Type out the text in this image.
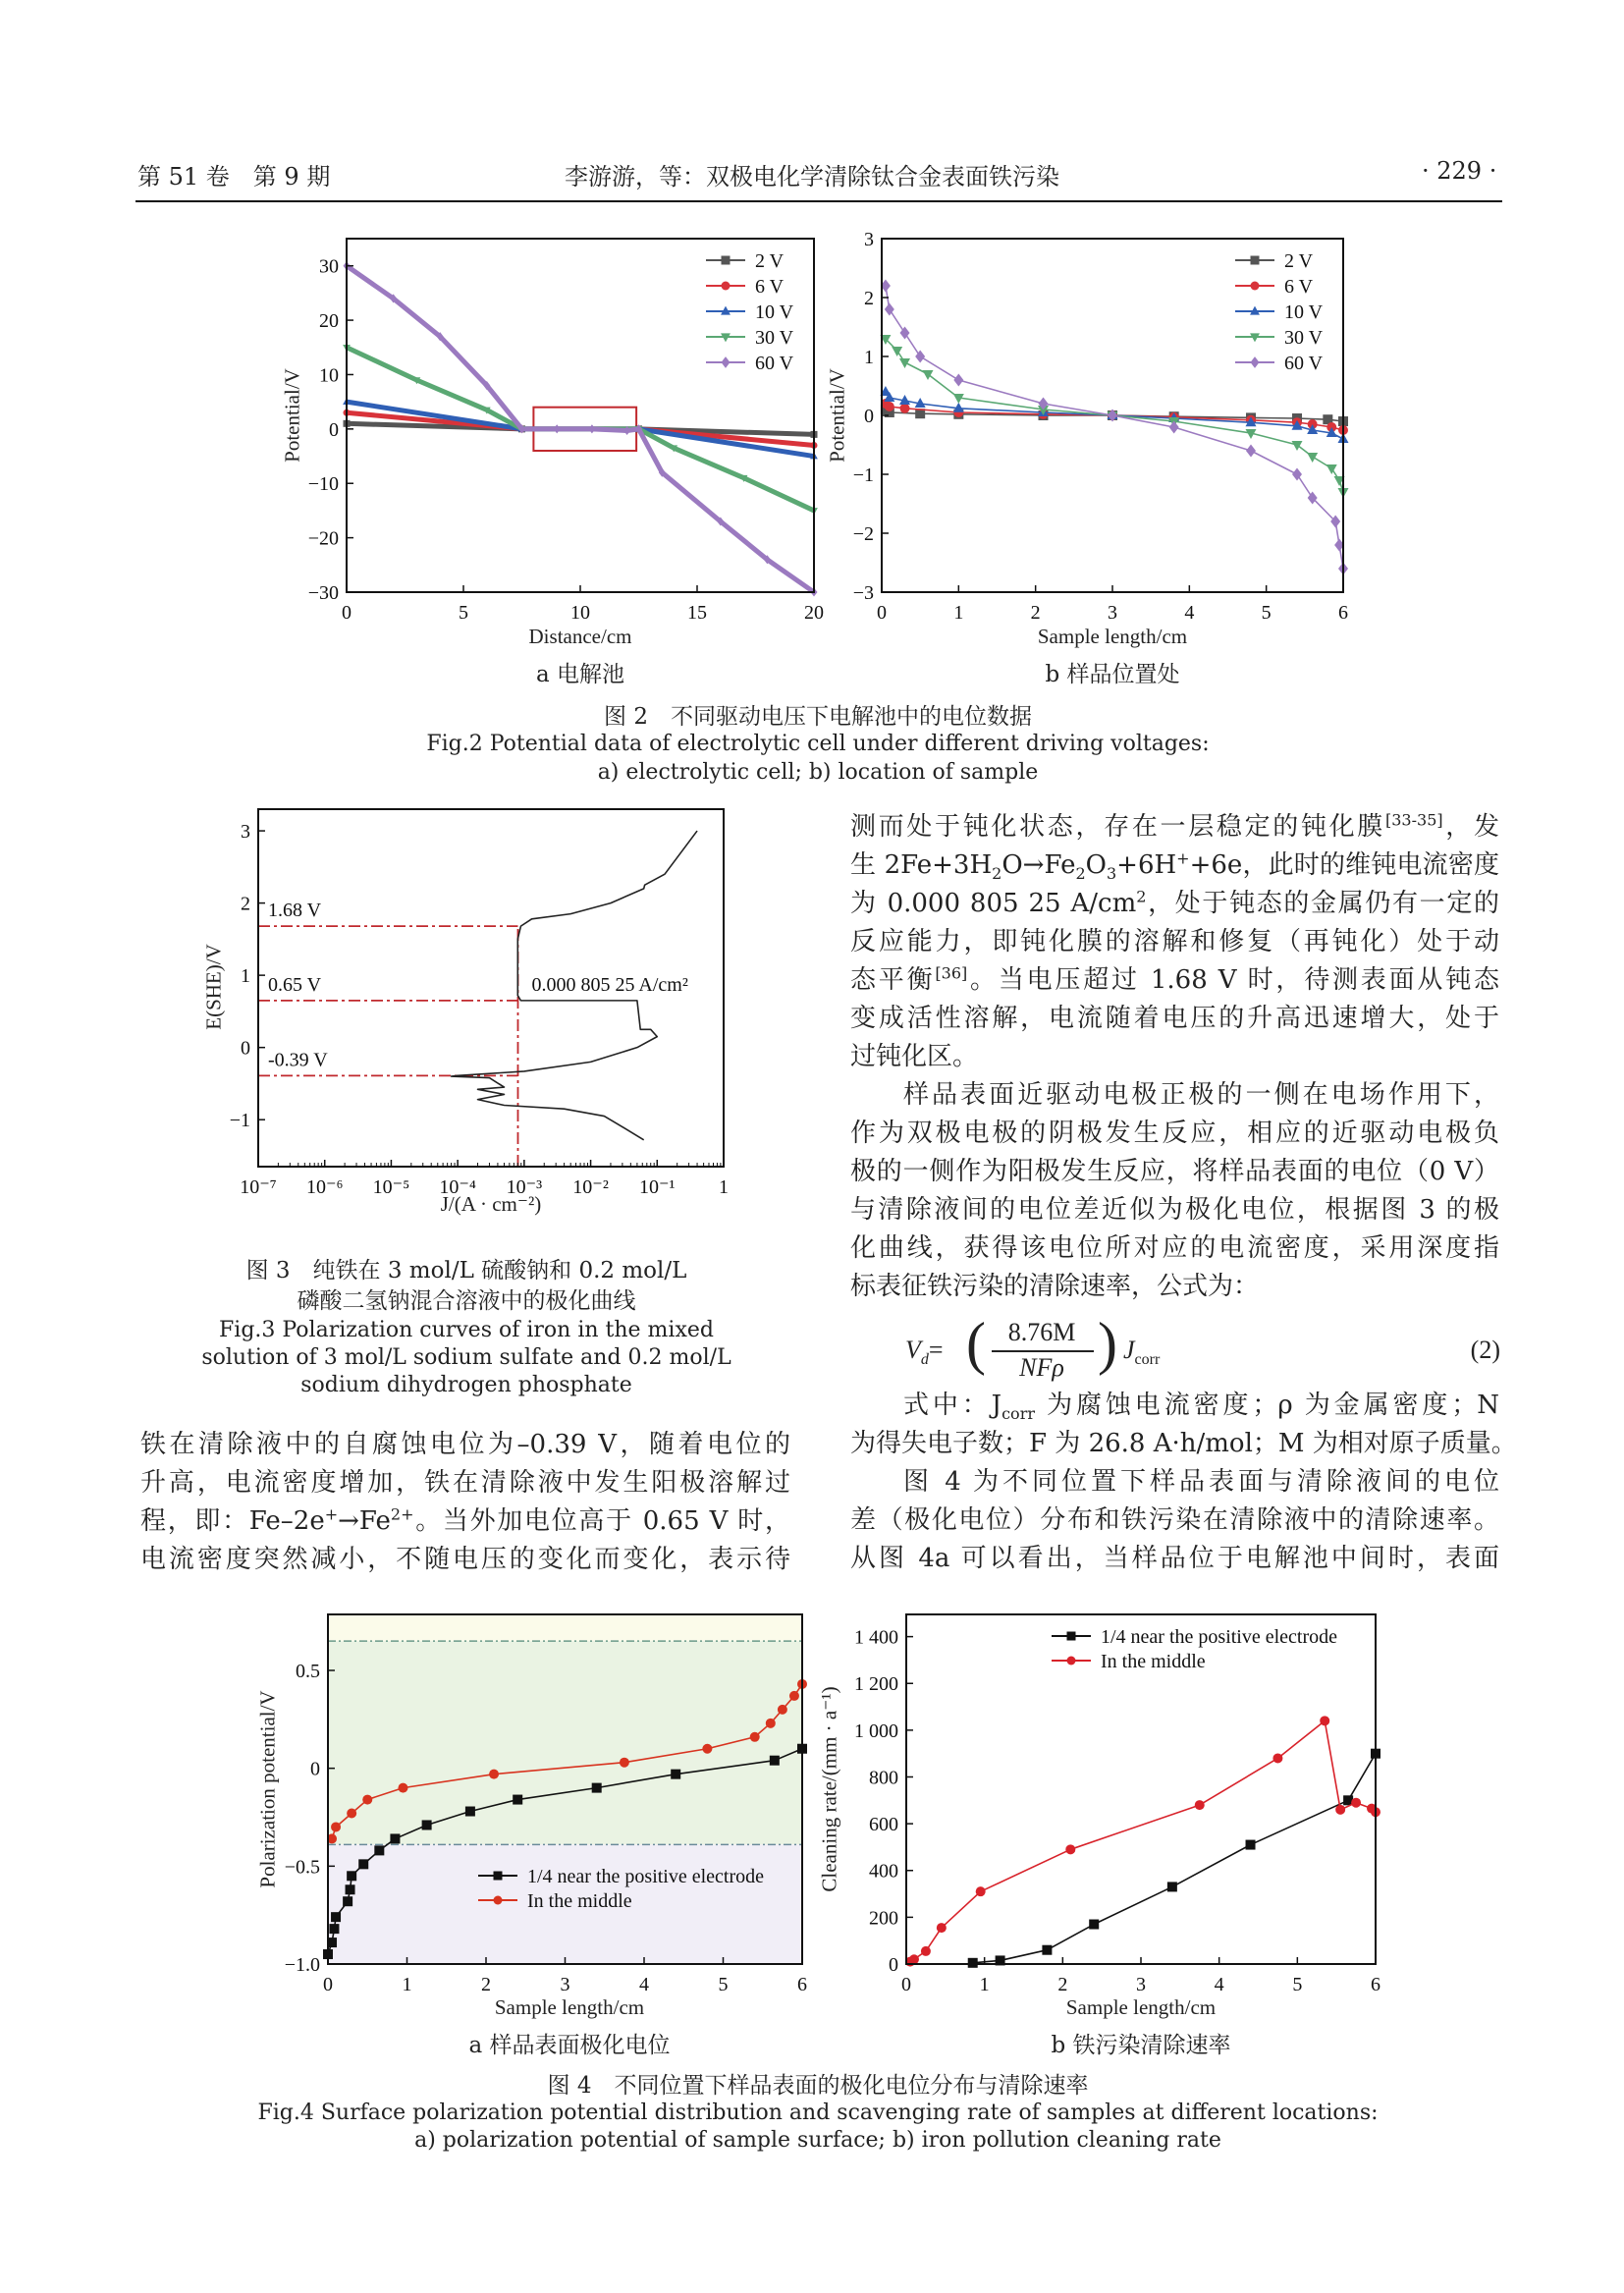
第 51 卷　第 9 期	李游游，等：双极电化学清除钛合金表面铁污染	· 229 ·
0	5	10	15	20
−30
−20
−10
0
10
20
30	2 V
6 V
10 V
30 V
60 V
0	1	2	3	4	5	6
−3
−2
−1
0
1
2
3
2 V
6 V
10 V
30 V
60 V
1.68 V
0.65 V
-0.39 V
0.000 805 25 A/cm²
10⁻⁷ 10⁻⁶ 10⁻⁵ 10⁻⁴ 10⁻³ 10⁻² 10⁻¹ 1
−1
0
1
2
3
0	1	2	3	4	5	6
−1.0
−0.5
0
0.5
1/4 near the positive electrode
In the middle
0	1	2	3	4	5	6
0
200
400
600
800
1 000
1 200
1 400	1/4 near the positive electrode
In the middle
Distance/cm
Potential/V
Sample length/cm
Potential/V
a 电解池	b 样品位置处
图 2　不同驱动电压下电解池中的电位数据
Fig.2 Potential data of electrolytic cell under different driving voltages:
a) electrolytic cell; b) location of sample
J/(A · cm⁻²)
E(SHE)/V
图 3　纯铁在 3 mol/L 硫酸钠和 0.2 mol/L
磷酸二氢钠混合溶液中的极化曲线
Fig.3 Polarization curves of iron in the mixed
solution of 3 mol/L sodium sulfate and 0.2 mol/L
sodium dihydrogen phosphate
铁在清除液中的自腐蚀电位为–0.39 V，随着电位的
升高，电流密度增加，铁在清除液中发生阳极溶解过
程，即：$Fe-2e^+\to Fe^{2+}$。当外加电位高于 0.65 V 时，
电流密度突然减小，不随电压的变化而变化，表示待
测而处于钝化状态，存在一层稳定的钝化膜[33-35]，发
生 $2Fe+3H_2O\to Fe_2O_3+6H^++6e$，此时的维钝电流密度
为 0.000 805 25 $A/cm^2$，处于钝态的金属仍有一定的
反应能力，即钝化膜的溶解和修复（再钝化）处于动
态平衡[36]。当电压超过 1.68 V 时，待测表面从钝态
变成活性溶解，电流随着电压的升高迅速增大，处于
过钝化区。
样品表面近驱动电极正极的一侧在电场作用下，
作为双极电极的阴极发生反应，相应的近驱动电极负
极的一侧作为阳极发生反应，将样品表面的电位（0 V）
与清除液间的电位差近似为极化电位，根据图 3 的极
化曲线，获得该电位所对应的电流密度，采用深度指
标表征铁污染的清除速率，公式为：
$V_d=$ ( 8.76M
NFρ ) $J_{corr}$	(2)
式中：$J_{corr}$ 为腐蚀电流密度；ρ 为金属密度；N
为得失电子数；F 为 26.8 A·h/mol；M 为相对原子质量。
图 4 为不同位置下样品表面与清除液间的电位
差（极化电位）分布和铁污染在清除液中的清除速率。
从图 4a 可以看出，当样品位于电解池中间时，表面
Sample length/cm
Polarization potential/V
Sample length/cm
Cleaning rate/(mm · a⁻¹)
a 样品表面极化电位	b 铁污染清除速率
图 4　不同位置下样品表面的极化电位分布与清除速率
Fig.4 Surface polarization potential distribution and scavenging rate of samples at different locations:
a) polarization potential of sample surface; b) iron pollution cleaning rate
